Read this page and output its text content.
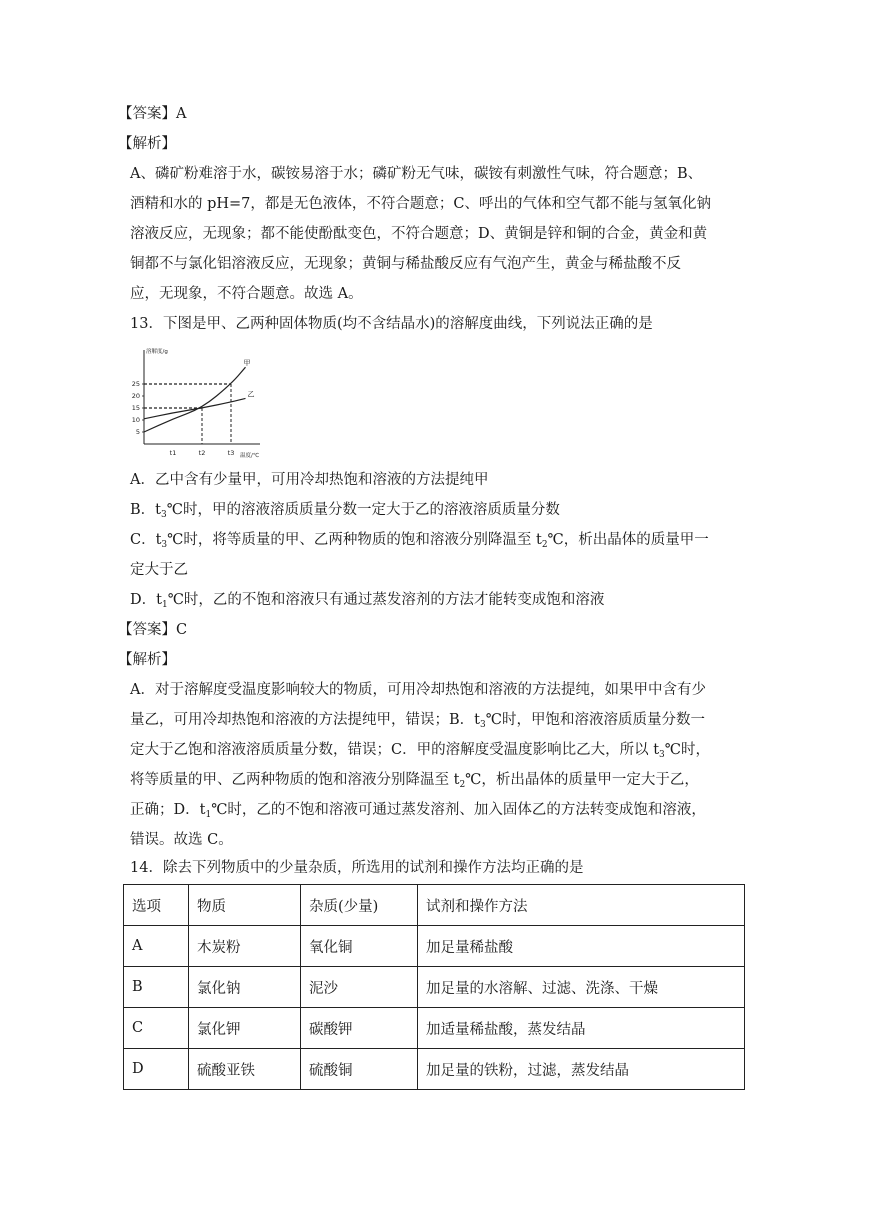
【答案】A
【解析】
A、磷矿粉难溶于水，碳铵易溶于水；磷矿粉无气味，碳铵有刺激性气味，符合题意；B、
酒精和水的 pH=7，都是无色液体，不符合题意；C、呼出的气体和空气都不能与氢氧化钠
溶液反应，无现象；都不能使酚酞变色，不符合题意；D、黄铜是锌和铜的合金，黄金和黄
铜都不与氯化铝溶液反应，无现象；黄铜与稀盐酸反应有气泡产生，黄金与稀盐酸不反
应，无现象，不符合题意。故选 A。
13．下图是甲、乙两种固体物质(均不含结晶水)的溶解度曲线，下列说法正确的是
溶解度/g
温度/℃
5
10
15
20
25
t1	t2	t3
甲
乙
A．乙中含有少量甲，可用冷却热饱和溶液的方法提纯甲
B．$t_3℃$时，甲的溶液溶质质量分数一定大于乙的溶液溶质质量分数
C．$t_3℃$时，将等质量的甲、乙两种物质的饱和溶液分别降温至 $t_2℃$，析出晶体的质量甲一
定大于乙
D．$t_1℃$时，乙的不饱和溶液只有通过蒸发溶剂的方法才能转变成饱和溶液
【答案】C
【解析】
A．对于溶解度受温度影响较大的物质，可用冷却热饱和溶液的方法提纯，如果甲中含有少
量乙，可用冷却热饱和溶液的方法提纯甲，错误；B．$t_3℃$时，甲饱和溶液溶质质量分数一
定大于乙饱和溶液溶质质量分数，错误；C．甲的溶解度受温度影响比乙大，所以 $t_3℃$时，
将等质量的甲、乙两种物质的饱和溶液分别降温至 $t_2℃$，析出晶体的质量甲一定大于乙，
正确；D．$t_1℃$时，乙的不饱和溶液可通过蒸发溶剂、加入固体乙的方法转变成饱和溶液，
错误。故选 C。
14．除去下列物质中的少量杂质，所选用的试剂和操作方法均正确的是
选项	物质	杂质(少量)	试剂和操作方法
A	木炭粉	氧化铜	加足量稀盐酸
B	氯化钠	泥沙	加足量的水溶解、过滤、洗涤、干燥
C	氯化钾	碳酸钾	加适量稀盐酸，蒸发结晶
D	硫酸亚铁	硫酸铜	加足量的铁粉，过滤，蒸发结晶
